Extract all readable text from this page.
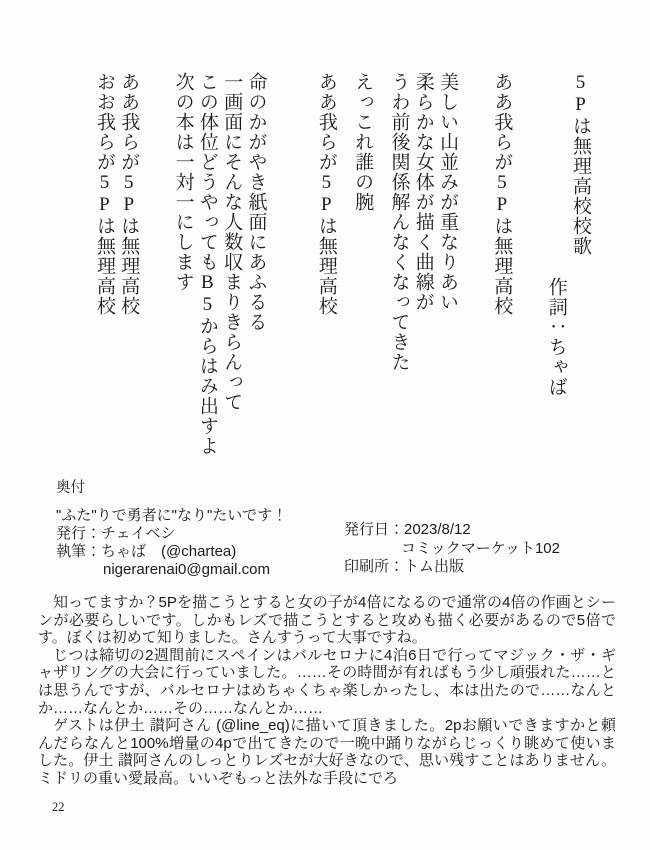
5Pは無理高校校歌
作詞：ちゃば
ああ我らが5Pは無理高校
美しい山並みが重なりあい
柔らかな女体が描く曲線が
うわ前後関係解んなくなってきた
えっこれ誰の腕
ああ我らが5Pは無理高校
命のかがやき紙面にあふるる
一画面にそんな人数収まりきらんって
この体位どうやってもB5からはみ出すよ
次の本は一対一にします
ああ我らが5Pは無理高校
おお我らが5Pは無理高校
奥付
"ふた"りで勇者に"なり"たいです！
発行：チェイベシ
執筆：ちゃば　(@chartea)
nigerarenai0@gmail.com
発行日：2023/8/12
コミックマーケット102
印刷所：トム出版

知ってますか？5Pを描こうとすると女の子が4倍になるので通常の4倍の作画とシーンが必要らしいです。しかもレズで描こうとすると攻めも描く必要があるので5倍です。ぼくは初めて知りました。さんすうって大事ですね。

じつは締切の2週間前にスペインはバルセロナに4泊6日で行ってマジック・ザ・ギャザリングの大会に行っていました。……その時間が有ればもう少し頑張れた……とは思うんですが、バルセロナはめちゃくちゃ楽しかったし、本は出たので……なんとか……なんとか……その……なんとか……

ゲストは伊土 讃阿さん (@line_eq)に描いて頂きました。2pお願いできますかと頼んだらなんと100%増量の4pで出てきたので一晩中踊りながらじっくり眺めて使いました。伊土 讃阿さんのしっとりレズセが大好きなので、思い残すことはありません。ミドリの重い愛最高。いいぞもっと法外な手段にでろ

22
